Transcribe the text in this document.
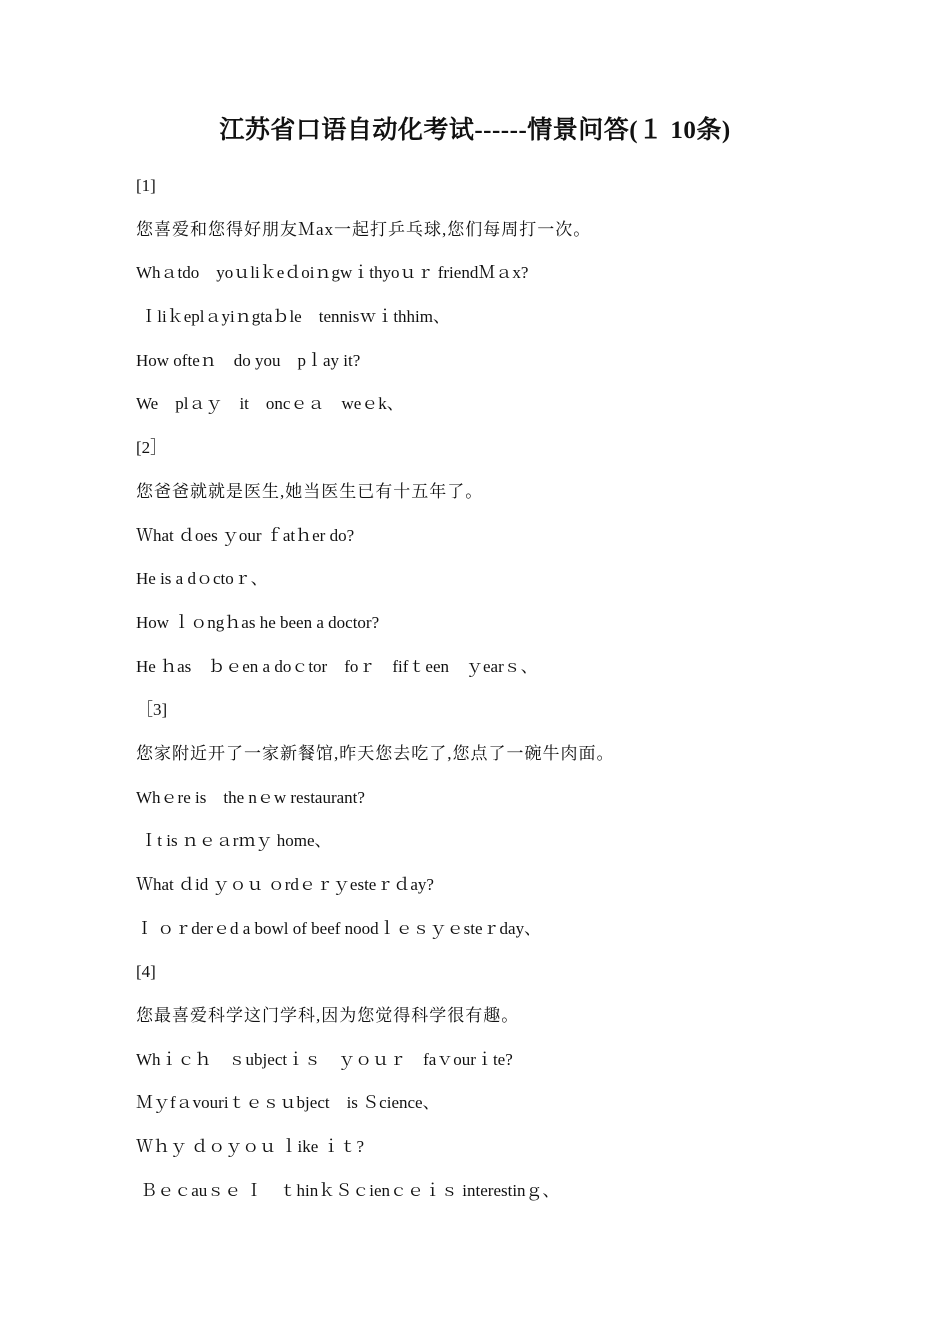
江苏省口语自动化考试------情景问答(１ 10条)
[1]
您喜爱和您得好朋友Ｍax一起打乒乓球,您们每周打一次。
Whａtdo　yoｕliｋeｄoiｎgwｉthyoｕｒ friendＭａx?
Ｉliｋeplａyiｎgtaｂle　tennisｗｉthhim、
How ofteｎ　do you　pｌay it?
We　plａｙ　it　oncｅａ　weｅk、
[2］
您爸爸就就是医生,她当医生已有十五年了。
Ｗhat ｄoes ｙour ｆatｈer do?
He is a dｏctoｒ、
How ｌｏngｈas he been a doctor?
He ｈas　ｂｅen a doｃtor　foｒ　fifｔeen　ｙearｓ、
［3]
您家附近开了一家新餐馆,昨天您去吃了,您点了一碗牛肉面。
Whｅre is　the nｅw restaurant?
Ｉt is ｎｅａrｍｙ home、
Ｗhat ｄid ｙｏｕ ｏrdｅｒｙesteｒｄay?
Ｉ ｏｒderｅd a bowl of beef noodｌｅｓｙｅsteｒday、
[4]
您最喜爱科学这门学科,因为您觉得科学很有趣。
Whｉｃｈ　ｓubjectｉｓ　ｙｏｕｒ　faｖourｉte?
Ｍｙfａvouriｔｅｓｕbject　is Ｓcience、
Ｗｈｙ ｄｏｙｏｕ ｌike ｉｔ?
Ｂｅｃauｓｅ Ｉ　ｔhinｋＳｃienｃｅｉｓ interestinｇ、
